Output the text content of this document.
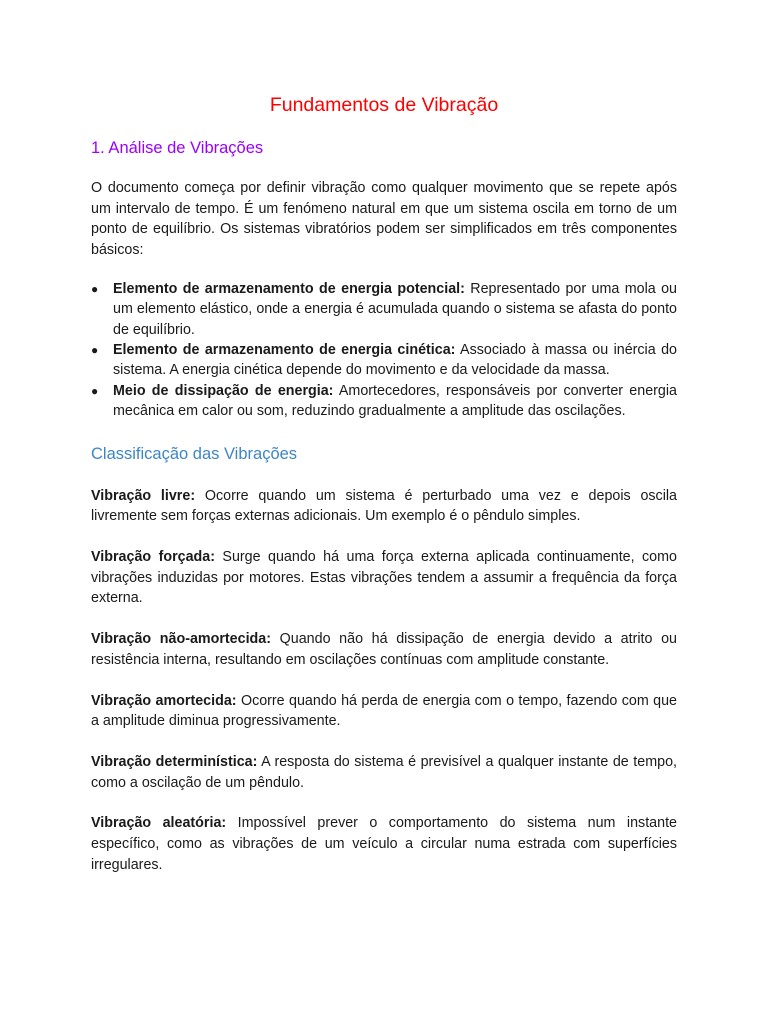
Fundamentos de Vibração
1. Análise de Vibrações

O documento começa por definir vibração como qualquer movimento que se repete após um intervalo de tempo. É um fenómeno natural em que um sistema oscila em torno de um ponto de equilíbrio. Os sistemas vibratórios podem ser simplificados em três componentes básicos:

●	Elemento de armazenamento de energia potencial: Representado por uma mola ou um elemento elástico, onde a energia é acumulada quando o sistema se afasta do ponto de equilíbrio.
●	Elemento de armazenamento de energia cinética: Associado à massa ou inércia do sistema. A energia cinética depende do movimento e da velocidade da massa.
●	Meio de dissipação de energia: Amortecedores, responsáveis por converter energia mecânica em calor ou som, reduzindo gradualmente a amplitude das oscilações.
Classificação das Vibrações

Vibração livre: Ocorre quando um sistema é perturbado uma vez e depois oscila livremente sem forças externas adicionais. Um exemplo é o pêndulo simples.

Vibração forçada: Surge quando há uma força externa aplicada continuamente, como vibrações induzidas por motores. Estas vibrações tendem a assumir a frequência da força externa.

Vibração não-amortecida: Quando não há dissipação de energia devido a atrito ou resistência interna, resultando em oscilações contínuas com amplitude constante.

Vibração amortecida: Ocorre quando há perda de energia com o tempo, fazendo com que a amplitude diminua progressivamente.

Vibração determinística: A resposta do sistema é previsível a qualquer instante de tempo, como a oscilação de um pêndulo.

Vibração aleatória: Impossível prever o comportamento do sistema num instante específico, como as vibrações de um veículo a circular numa estrada com superfícies irregulares.
